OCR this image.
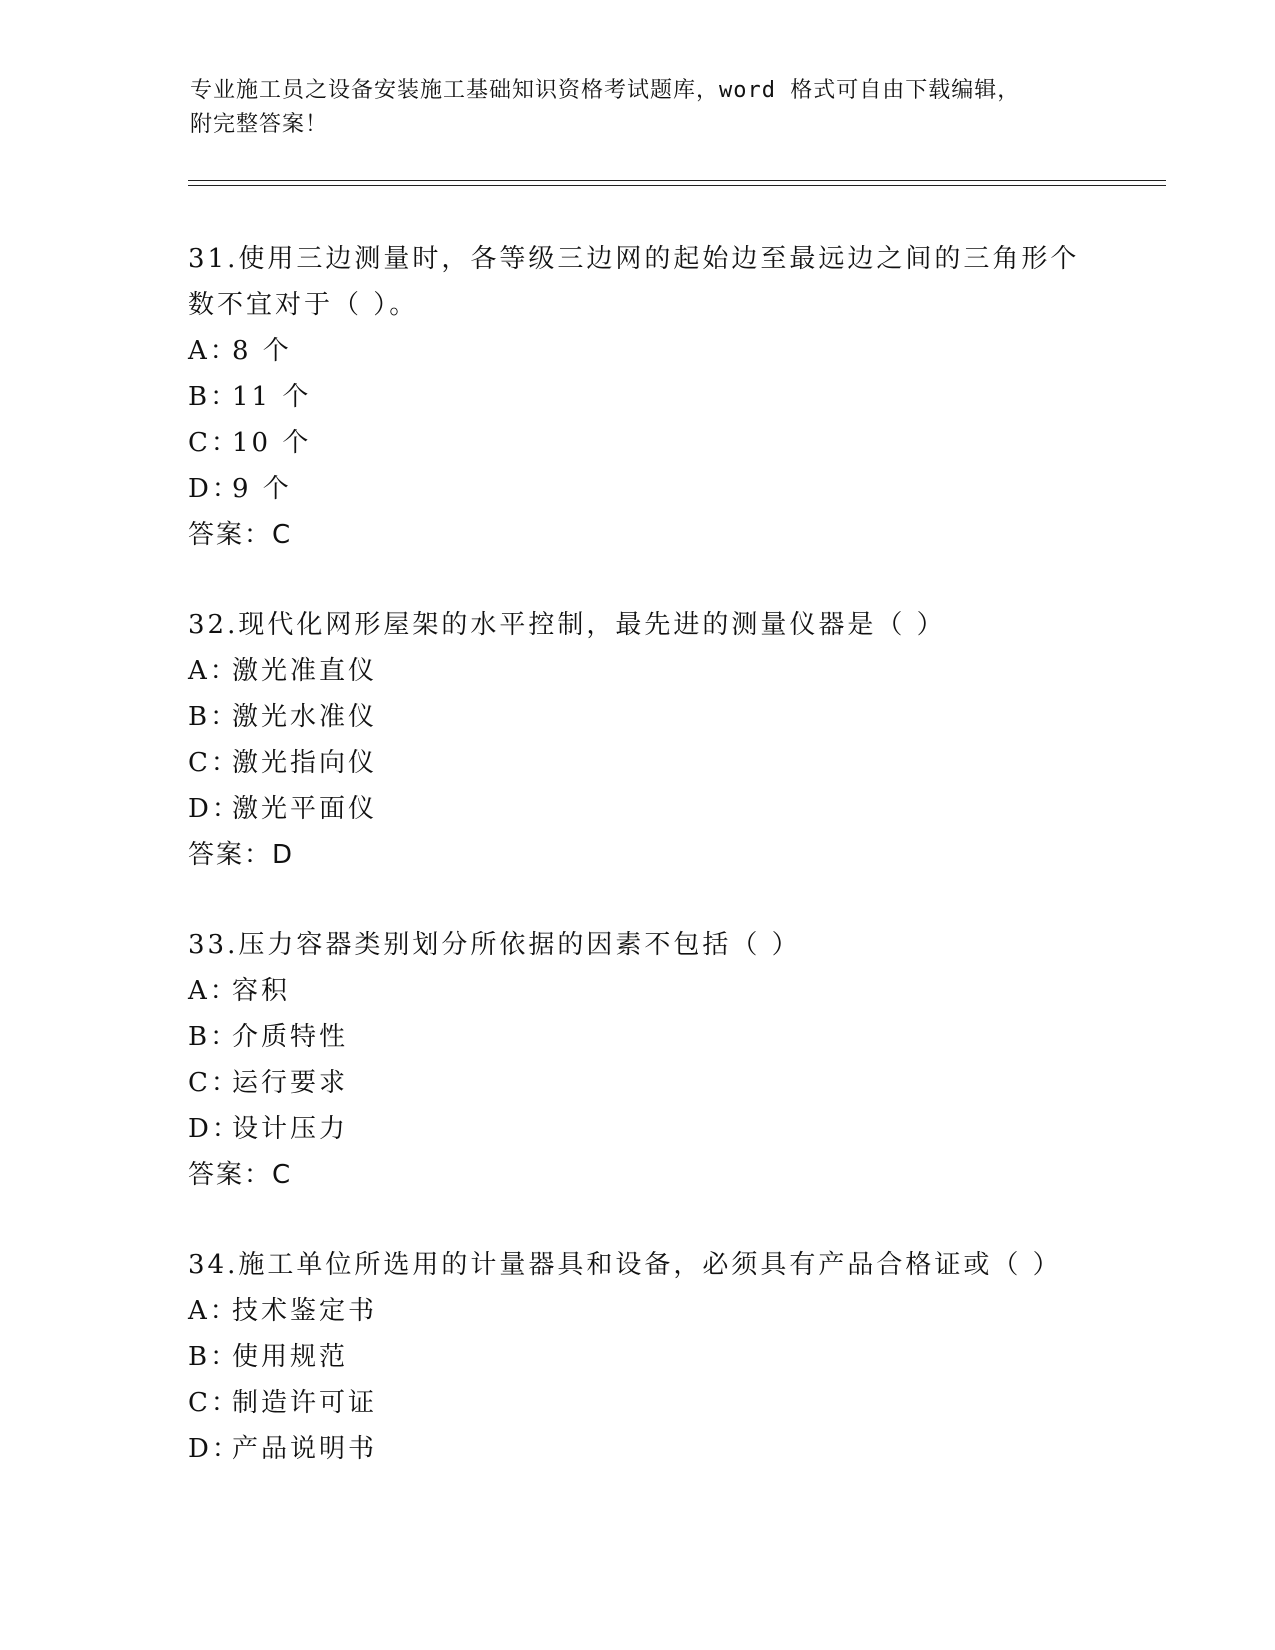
专业施工员之设备安装施工基础知识资格考试题库，word 格式可自由下载编辑，
附完整答案！
31.使用三边测量时，各等级三边网的起始边至最远边之间的三角形个
数不宜对于（ ）。
A：8 个
B：11 个
C：10 个
D：9 个
答案：C
32.现代化网形屋架的水平控制，最先进的测量仪器是（ ）
A：激光准直仪
B：激光水准仪
C：激光指向仪
D：激光平面仪
答案：D
33.压力容器类别划分所依据的因素不包括（ ）
A：容积
B：介质特性
C：运行要求
D：设计压力
答案：C
34.施工单位所选用的计量器具和设备，必须具有产品合格证或（ ）
A：技术鉴定书
B：使用规范
C：制造许可证
D：产品说明书
